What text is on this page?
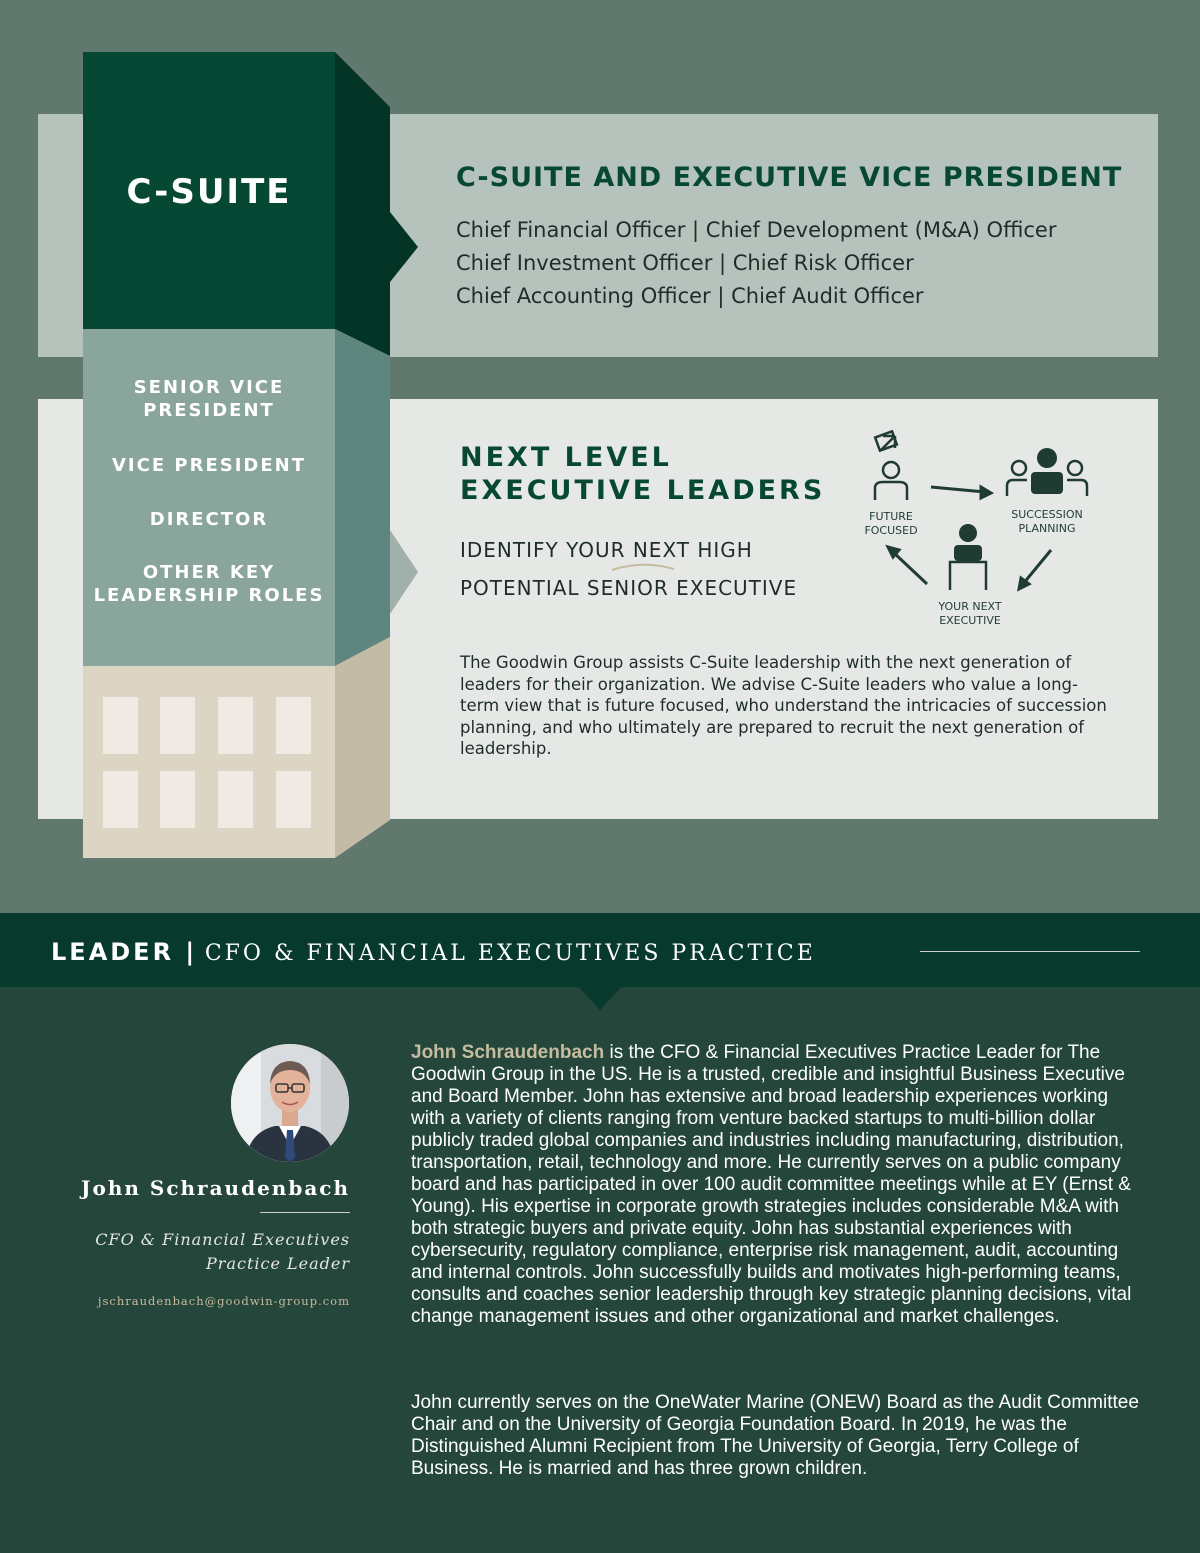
C-SUITE
SENIOR VICE PRESIDENT
VICE PRESIDENT
DIRECTOR
OTHER KEY LEADERSHIP ROLES
C-SUITE AND EXECUTIVE VICE PRESIDENT
Chief Financial Officer | Chief Development (M&A) Officer
Chief Investment Officer | Chief Risk Officer
Chief Accounting Officer | Chief Audit Officer
NEXT LEVEL
EXECUTIVE LEADERS
IDENTIFY YOUR NEXT HIGH
POTENTIAL SENIOR EXECUTIVE
The Goodwin Group assists C-Suite leadership with the next generation of leaders for their organization. We advise C-Suite leaders who value a long-term view that is future focused, who understand the intricacies of succession planning, and who ultimately are prepared to recruit the next generation of leadership.
FUTURE
FOCUSED
SUCCESSION
PLANNING
YOUR NEXT
EXECUTIVE
LEADER | CFO & FINANCIAL EXECUTIVES PRACTICE
John Schraudenbach
CFO & Financial Executives
Practice Leader
jschraudenbach@goodwin-group.com
John Schraudenbach is the CFO & Financial Executives Practice Leader for The Goodwin Group in the US. He is a trusted, credible and insightful Business Executive and Board Member. John has extensive and broad leadership experiences working with a variety of clients ranging from venture backed startups to multi-billion dollar publicly traded global companies and industries including manufacturing, distribution, transportation, retail, technology and more. He currently serves on a public company board and has participated in over 100 audit committee meetings while at EY (Ernst & Young). His expertise in corporate growth strategies includes considerable M&A with both strategic buyers and private equity. John has substantial experiences with cybersecurity, regulatory compliance, enterprise risk management, audit, accounting and internal controls. John successfully builds and motivates high-performing teams, consults and coaches senior leadership through key strategic planning decisions, vital change management issues and other organizational and market challenges.
John currently serves on the OneWater Marine (ONEW) Board as the Audit Committee Chair and on the University of Georgia Foundation Board. In 2019, he was the Distinguished Alumni Recipient from The University of Georgia, Terry College of Business. He is married and has three grown children.
